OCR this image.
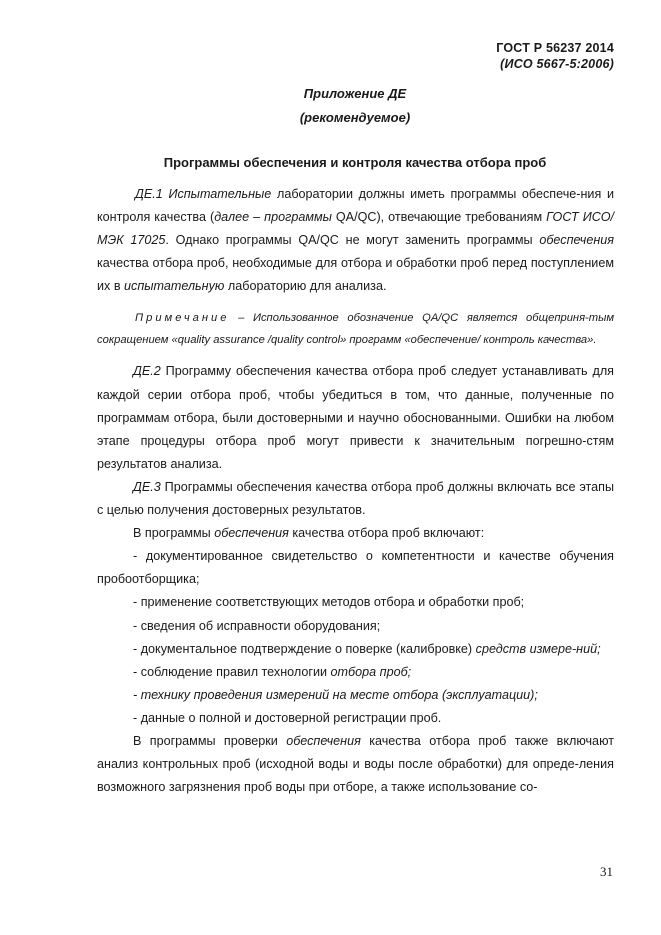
ГОСТ Р 56237 2014
(ИСО 5667-5:2006)
Приложение ДЕ
(рекомендуемое)
Программы обеспечения и контроля качества отбора проб

ДЕ.1 Испытательные лаборатории должны иметь программы обеспече-ния и контроля качества (далее – программы QA/QC), отвечающие требованиям ГОСТ ИСО/МЭК 17025. Однако программы QA/QC не могут заменить программы обеспечения качества отбора проб, необходимые для отбора и обработки проб перед поступлением их в испытательную лабораторию для анализа.

Примечание – Использованное обозначение QA/QC является общеприня-тым сокращением «quality assurance /quality control» программ «обеспечение/ контроль качества».

ДЕ.2 Программу обеспечения качества отбора проб следует устанавливать для каждой серии отбора проб, чтобы убедиться в том, что данные, полученные по программам отбора, были достоверными и научно обоснованными. Ошибки на любом этапе процедуры отбора проб могут привести к значительным погрешно-стям результатов анализа.

ДЕ.3 Программы обеспечения качества отбора проб должны включать все этапы с целью получения достоверных результатов.

В программы обеспечения качества отбора проб включают:

- документированное свидетельство о компетентности и качестве обучения пробоотборщика;

- применение соответствующих методов отбора и обработки проб;

- сведения об исправности оборудования;

- документальное подтверждение о поверке (калибровке) средств измере-ний;

- соблюдение правил технологии отбора проб;

- технику проведения измерений на месте отбора (эксплуатации);

- данные о полной и достоверной регистрации проб.

В программы проверки обеспечения качества отбора проб также включают анализ контрольных проб (исходной воды и воды после обработки) для опреде-ления возможного загрязнения проб воды при отборе, а также использование со-

31
